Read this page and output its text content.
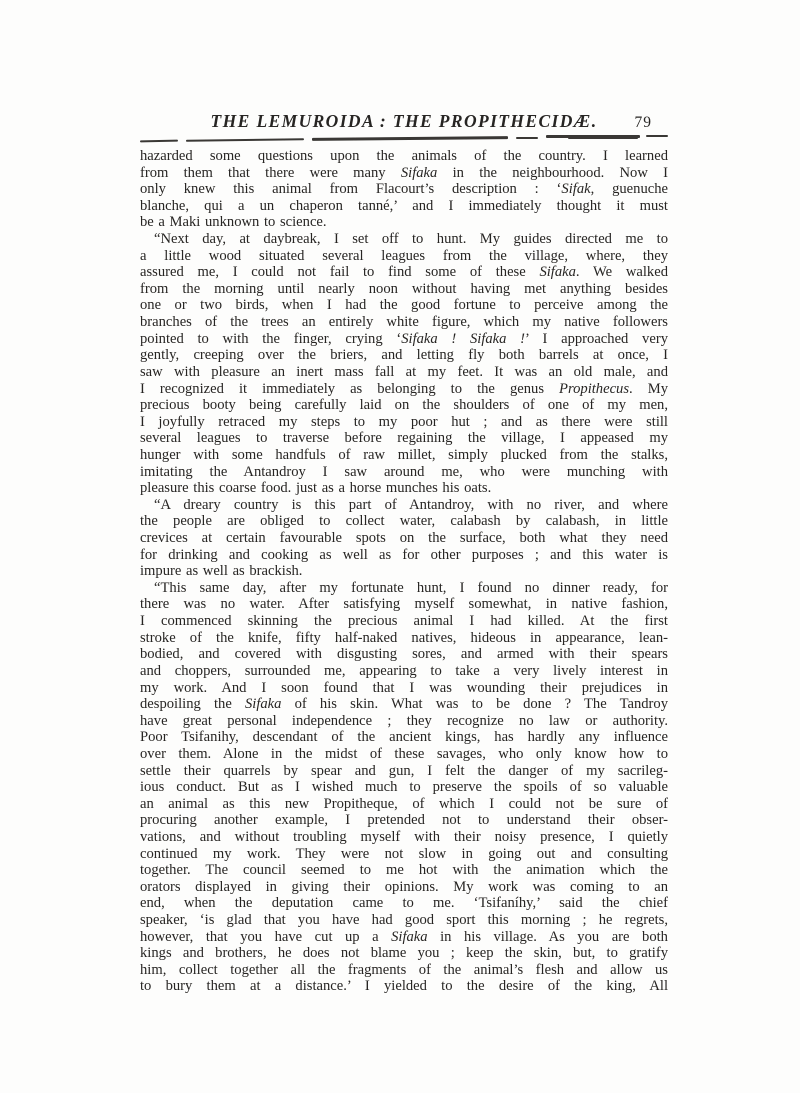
THE LEMUROIDA : THE PROPITHECIDÆ.	79
hazarded some questions upon the animals of the country. I learned
from them that there were many Sifaka in the neighbourhood. Now I
only knew this animal from Flacourt’s description : ‘Sifak, guenuche
blanche, qui a un chaperon tanné,’ and I immediately thought it must
be a Maki unknown to science.
“Next day, at daybreak, I set off to hunt. My guides directed me to
a little wood situated several leagues from the village, where, they
assured me, I could not fail to find some of these Sifaka. We walked
from the morning until nearly noon without having met anything besides
one or two birds, when I had the good fortune to perceive among the
branches of the trees an entirely white figure, which my native followers
pointed to with the finger, crying ‘Sifaka ! Sifaka !’ I approached very
gently, creeping over the briers, and letting fly both barrels at once, I
saw with pleasure an inert mass fall at my feet. It was an old male, and
I recognized it immediately as belonging to the genus Propithecus. My
precious booty being carefully laid on the shoulders of one of my men,
I joyfully retraced my steps to my poor hut ; and as there were still
several leagues to traverse before regaining the village, I appeased my
hunger with some handfuls of raw millet, simply plucked from the stalks,
imitating the Antandroy I saw around me, who were munching with
pleasure this coarse food. just as a horse munches his oats.
“A dreary country is this part of Antandroy, with no river, and where
the people are obliged to collect water, calabash by calabash, in little
crevices at certain favourable spots on the surface, both what they need
for drinking and cooking as well as for other purposes ; and this water is
impure as well as brackish.
“This same day, after my fortunate hunt, I found no dinner ready, for
there was no water. After satisfying myself somewhat, in native fashion,
I commenced skinning the precious animal I had killed. At the first
stroke of the knife, fifty half-naked natives, hideous in appearance, lean-
bodied, and covered with disgusting sores, and armed with their spears
and choppers, surrounded me, appearing to take a very lively interest in
my work. And I soon found that I was wounding their prejudices in
despoiling the Sifaka of his skin. What was to be done ? The Tandroy
have great personal independence ; they recognize no law or authority.
Poor Tsifanihy, descendant of the ancient kings, has hardly any influence
over them. Alone in the midst of these savages, who only know how to
settle their quarrels by spear and gun, I felt the danger of my sacrileg-
ious conduct. But as I wished much to preserve the spoils of so valuable
an animal as this new Propitheque, of which I could not be sure of
procuring another example, I pretended not to understand their obser-
vations, and without troubling myself with their noisy presence, I quietly
continued my work. They were not slow in going out and consulting
together. The council seemed to me hot with the animation which the
orators displayed in giving their opinions. My work was coming to an
end, when the deputation came to me. ‘Tsifaníhy,’ said the chief
speaker, ‘is glad that you have had good sport this morning ; he regrets,
however, that you have cut up a Sifaka in his village. As you are both
kings and brothers, he does not blame you ; keep the skin, but, to gratify
him, collect together all the fragments of the animal’s flesh and allow us
to bury them at a distance.’ I yielded to the desire of the king, All
